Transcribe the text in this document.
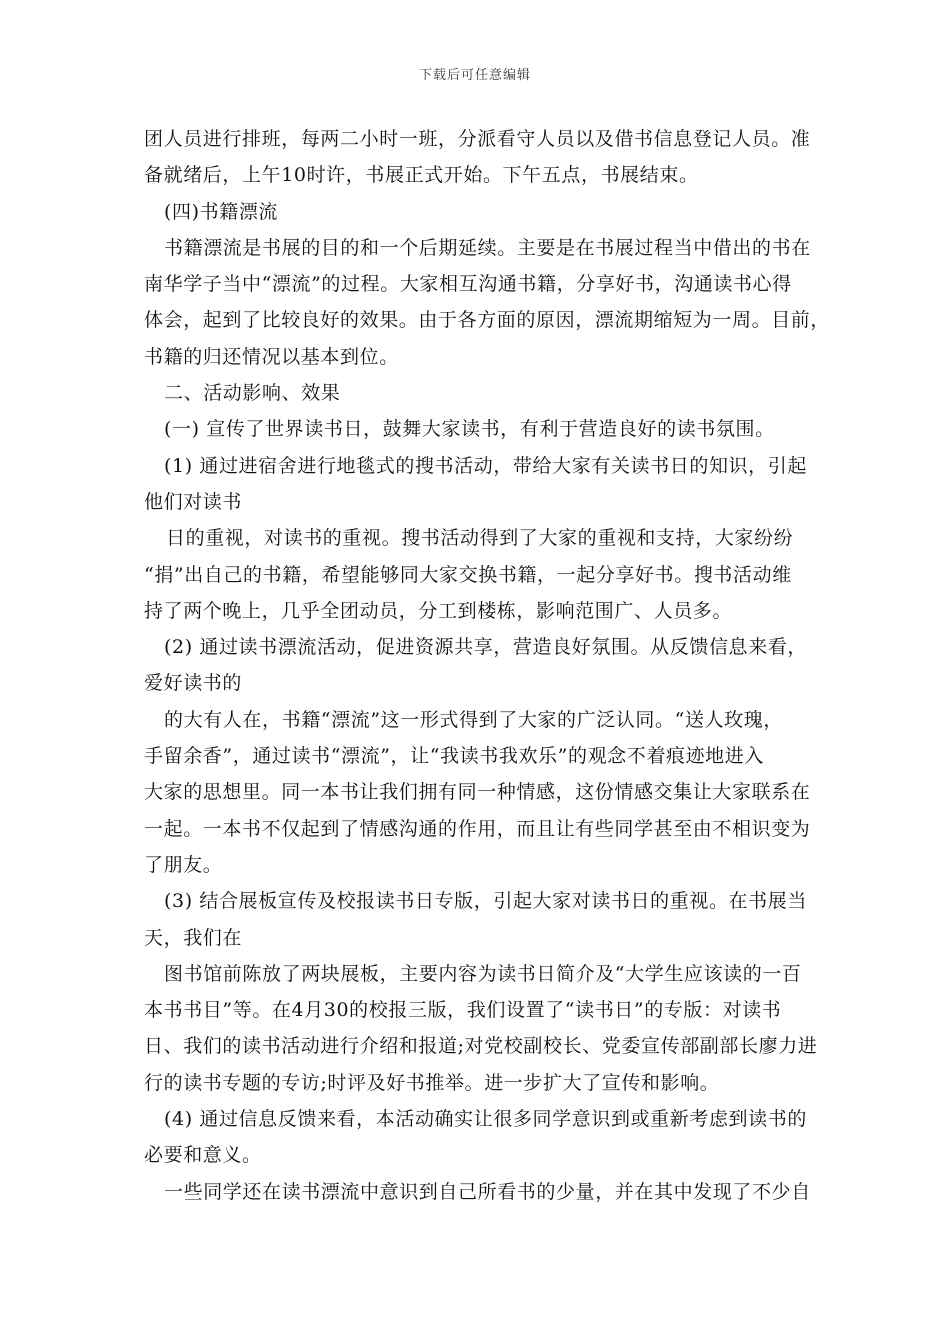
下载后可任意编辑

团人员进行排班，每两二小时一班，分派看守人员以及借书信息登记人员。准

备就绪后，上午10时许，书展正式开始。下午五点，书展结束。

(四)书籍漂流

书籍漂流是书展的目的和一个后期延续。主要是在书展过程当中借出的书在

南华学子当中“漂流”的过程。大家相互沟通书籍，分享好书，沟通读书心得

体会，起到了比较良好的效果。由于各方面的原因，漂流期缩短为一周。目前，

书籍的归还情况以基本到位。

二、活动影响、效果

(一) 宣传了世界读书日，鼓舞大家读书，有利于营造良好的读书氛围。

(1) 通过进宿舍进行地毯式的搜书活动，带给大家有关读书日的知识，引起

他们对读书

日的重视，对读书的重视。搜书活动得到了大家的重视和支持，大家纷纷

“捐”出自己的书籍，希望能够同大家交换书籍，一起分享好书。搜书活动维

持了两个晚上，几乎全团动员，分工到楼栋，影响范围广、人员多。

(2) 通过读书漂流活动，促进资源共享，营造良好氛围。从反馈信息来看，

爱好读书的

的大有人在，书籍“漂流”这一形式得到了大家的广泛认同。“送人玫瑰，

手留余香”，通过读书“漂流”，让“我读书我欢乐”的观念不着痕迹地进入

大家的思想里。同一本书让我们拥有同一种情感，这份情感交集让大家联系在

一起。一本书不仅起到了情感沟通的作用，而且让有些同学甚至由不相识变为

了朋友。

(3) 结合展板宣传及校报读书日专版，引起大家对读书日的重视。在书展当

天，我们在

图书馆前陈放了两块展板，主要内容为读书日简介及“大学生应该读的一百

本书书目”等。在4月30的校报三版，我们设置了“读书日”的专版：对读书

日、我们的读书活动进行介绍和报道;对党校副校长、党委宣传部副部长廖力进

行的读书专题的专访;时评及好书推举。进一步扩大了宣传和影响。

(4) 通过信息反馈来看，本活动确实让很多同学意识到或重新考虑到读书的

必要和意义。

一些同学还在读书漂流中意识到自己所看书的少量，并在其中发现了不少自
